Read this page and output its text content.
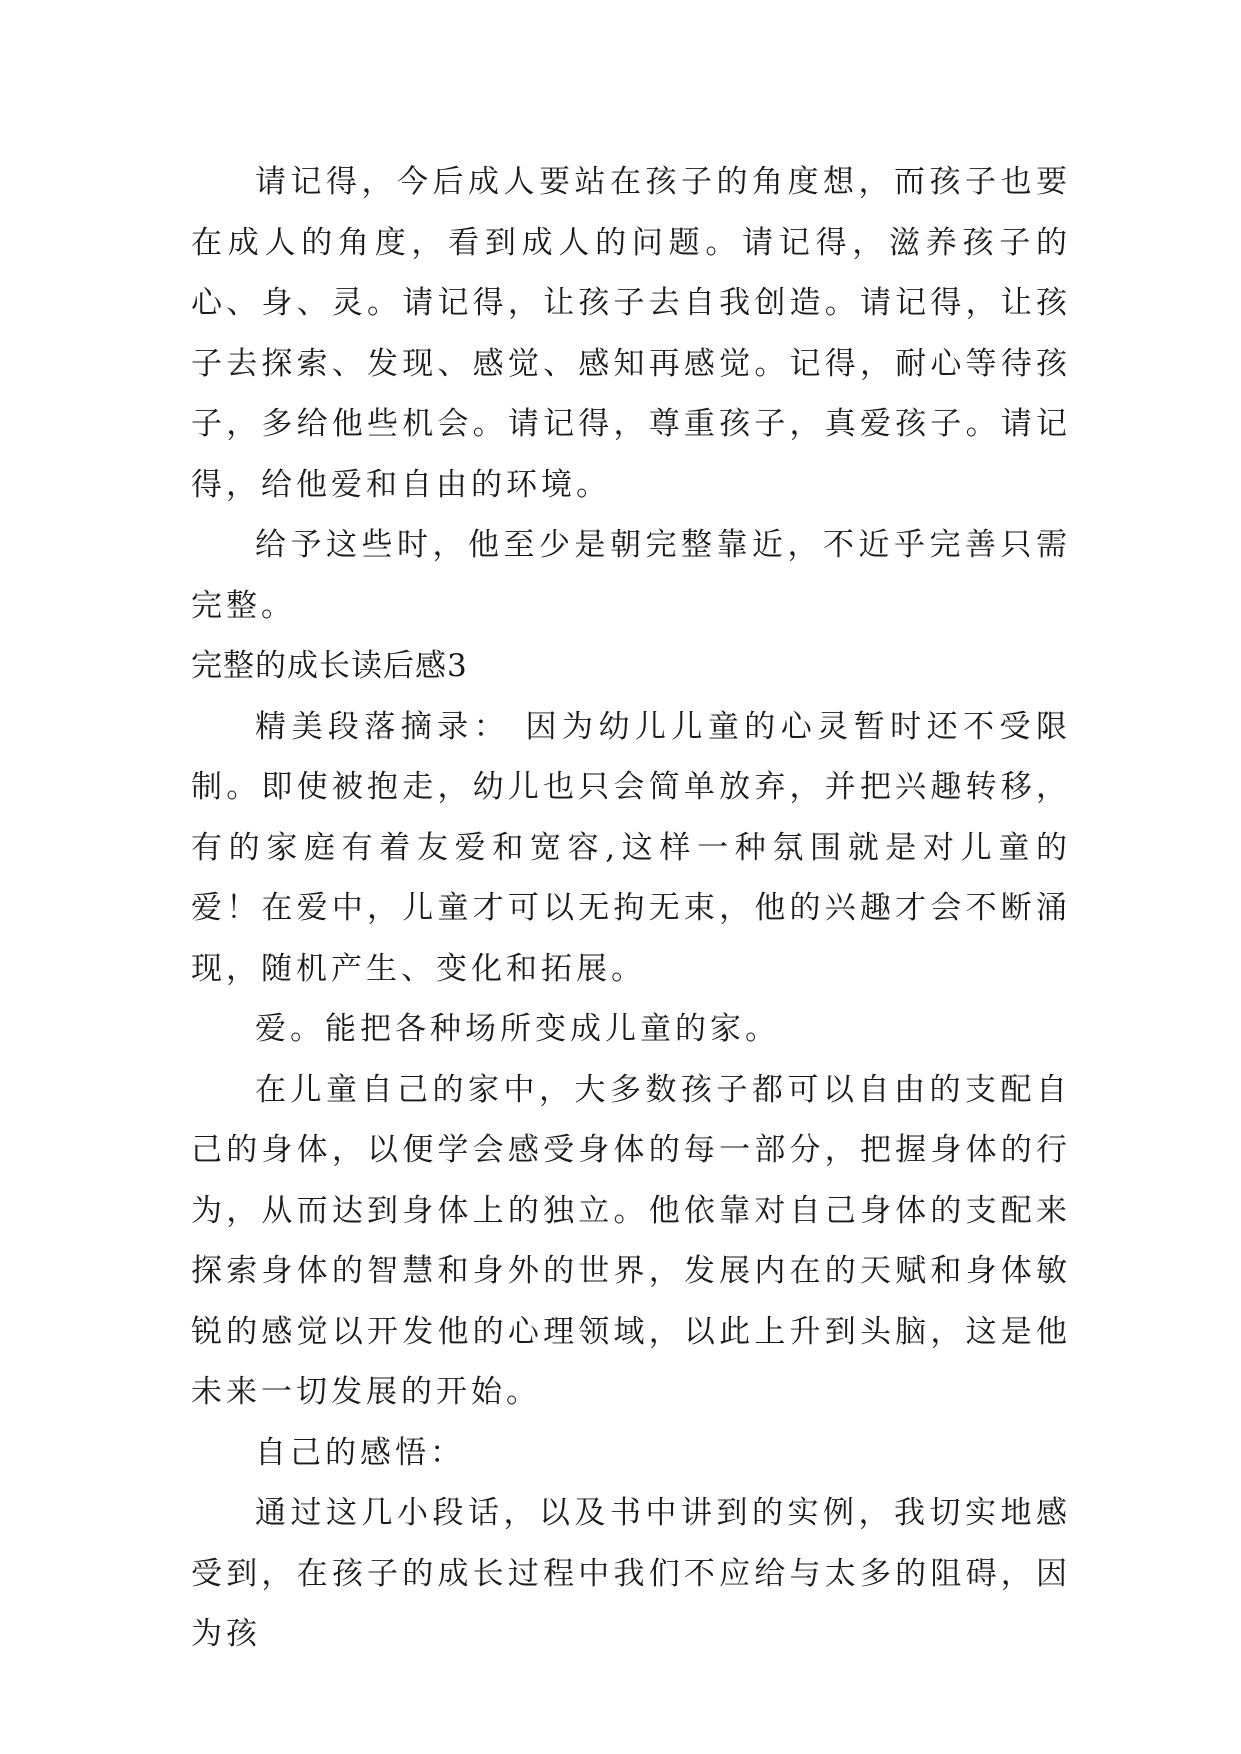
请记得，今后成人要站在孩子的角度想，而孩子也要在成人的角度，看到成人的问题。请记得，滋养孩子的心、身、灵。请记得，让孩子去自我创造。请记得，让孩子去探索、发现、感觉、感知再感觉。记得，耐心等待孩子，多给他些机会。请记得，尊重孩子，真爱孩子。请记得，给他爱和自由的环境。

给予这些时，他至少是朝完整靠近，不近乎完善只需完整。

完整的成长读后感3

精美段落摘录： 因为幼儿儿童的心灵暂时还不受限制。即使被抱走，幼儿也只会简单放弃，并把兴趣转移，有的家庭有着友爱和宽容,这样一种氛围就是对儿童的爱！在爱中，儿童才可以无拘无束，他的兴趣才会不断涌现，随机产生、变化和拓展。

爱。能把各种场所变成儿童的家。

在儿童自己的家中，大多数孩子都可以自由的支配自己的身体，以便学会感受身体的每一部分，把握身体的行为，从而达到身体上的独立。他依靠对自己身体的支配来探索身体的智慧和身外的世界，发展内在的天赋和身体敏锐的感觉以开发他的心理领域，以此上升到头脑，这是他未来一切发展的开始。

自己的感悟：

通过这几小段话，以及书中讲到的实例，我切实地感受到，在孩子的成长过程中我们不应给与太多的阻碍，因为孩
